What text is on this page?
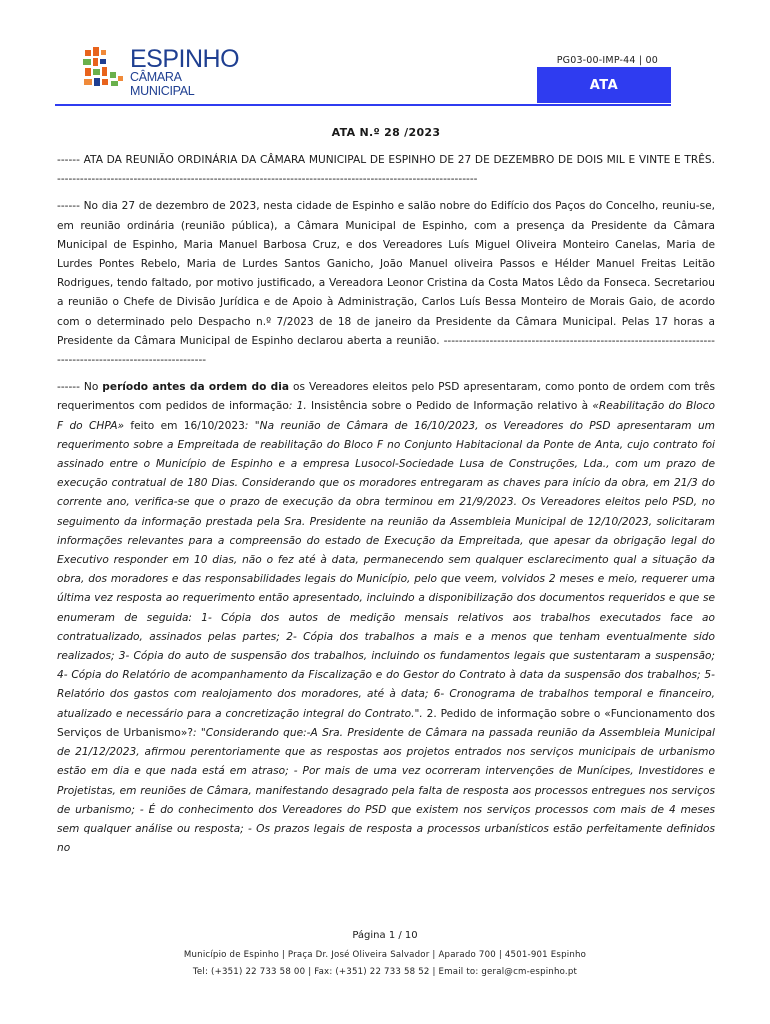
ESPINHO
CÂMARA MUNICIPAL
PG03-00-IMP-44 | 00
ATA
ATA N.º 28 /2023

------ ATA DA REUNIÃO ORDINÁRIA DA CÂMARA MUNICIPAL DE ESPINHO DE 27 DE DEZEMBRO DE DOIS MIL E VINTE E TRÊS. --------------------------------------------------------------------------------------------------------------

------ No dia 27 de dezembro de 2023, nesta cidade de Espinho e salão nobre do Edifício dos Paços do Concelho, reuniu-se, em reunião ordinária (reunião pública), a Câmara Municipal de Espinho, com a presença da Presidente da Câmara Municipal de Espinho, Maria Manuel Barbosa Cruz, e dos Vereadores Luís Miguel Oliveira Monteiro Canelas, Maria de Lurdes Pontes Rebelo, Maria de Lurdes Santos Ganicho, João Manuel oliveira Passos e Hélder Manuel Freitas Leitão Rodrigues, tendo faltado, por motivo justificado, a Vereadora Leonor Cristina da Costa Matos Lêdo da Fonseca. Secretariou a reunião o Chefe de Divisão Jurídica e de Apoio à Administração, Carlos Luís Bessa Monteiro de Morais Gaio, de acordo com o determinado pelo Despacho n.º 7/2023 de 18 de janeiro da Presidente da Câmara Municipal. Pelas 17 horas a Presidente da Câmara Municipal de Espinho declarou aberta a reunião. --------------------------------------------------------------------------------------------------------------

------ No período antes da ordem do dia os Vereadores eleitos pelo PSD apresentaram, como ponto de ordem com três requerimentos com pedidos de informação: 1. Insistência sobre o Pedido de Informação relativo à «Reabilitação do Bloco F do CHPA» feito em 16/10/2023: "Na reunião de Câmara de 16/10/2023, os Vereadores do PSD apresentaram um requerimento sobre a Empreitada de reabilitação do Bloco F no Conjunto Habitacional da Ponte de Anta, cujo contrato foi assinado entre o Município de Espinho e a empresa Lusocol-Sociedade Lusa de Construções, Lda., com um prazo de execução contratual de 180 Dias. Considerando que os moradores entregaram as chaves para início da obra, em 21/3 do corrente ano, verifica-se que o prazo de execução da obra terminou em 21/9/2023. Os Vereadores eleitos pelo PSD, no seguimento da informação prestada pela Sra. Presidente na reunião da Assembleia Municipal de 12/10/2023, solicitaram informações relevantes para a compreensão do estado de Execução da Empreitada, que apesar da obrigação legal do Executivo responder em 10 dias, não o fez até à data, permanecendo sem qualquer esclarecimento qual a situação da obra, dos moradores e das responsabilidades legais do Município, pelo que veem, volvidos 2 meses e meio, requerer uma última vez resposta ao requerimento então apresentado, incluindo a disponibilização dos documentos requeridos e que se enumeram de seguida: 1- Cópia dos autos de medição mensais relativos aos trabalhos executados face ao contratualizado, assinados pelas partes; 2- Cópia dos trabalhos a mais e a menos que tenham eventualmente sido realizados; 3- Cópia do auto de suspensão dos trabalhos, incluindo os fundamentos legais que sustentaram a suspensão; 4- Cópia do Relatório de acompanhamento da Fiscalização e do Gestor do Contrato à data da suspensão dos trabalhos; 5- Relatório dos gastos com realojamento dos moradores, até à data; 6- Cronograma de trabalhos temporal e financeiro, atualizado e necessário para a concretização integral do Contrato.". 2. Pedido de informação sobre o «Funcionamento dos Serviços de Urbanismo»?: "Considerando que:-A Sra. Presidente de Câmara na passada reunião da Assembleia Municipal de 21/12/2023, afirmou perentoriamente que as respostas aos projetos entrados nos serviços municipais de urbanismo estão em dia e que nada está em atraso; - Por mais de uma vez ocorreram intervenções de Munícipes, Investidores e Projetistas, em reuniões de Câmara, manifestando desagrado pela falta de resposta aos processos entregues nos serviços de urbanismo; - É do conhecimento dos Vereadores do PSD que existem nos serviços processos com mais de 4 meses sem qualquer análise ou resposta; - Os prazos legais de resposta a processos urbanísticos estão perfeitamente definidos no

Página 1 / 10
Município de Espinho | Praça Dr. José Oliveira Salvador | Aparado 700 | 4501-901 Espinho
Tel: (+351) 22 733 58 00 | Fax: (+351) 22 733 58 52 | Email to: geral@cm-espinho.pt
